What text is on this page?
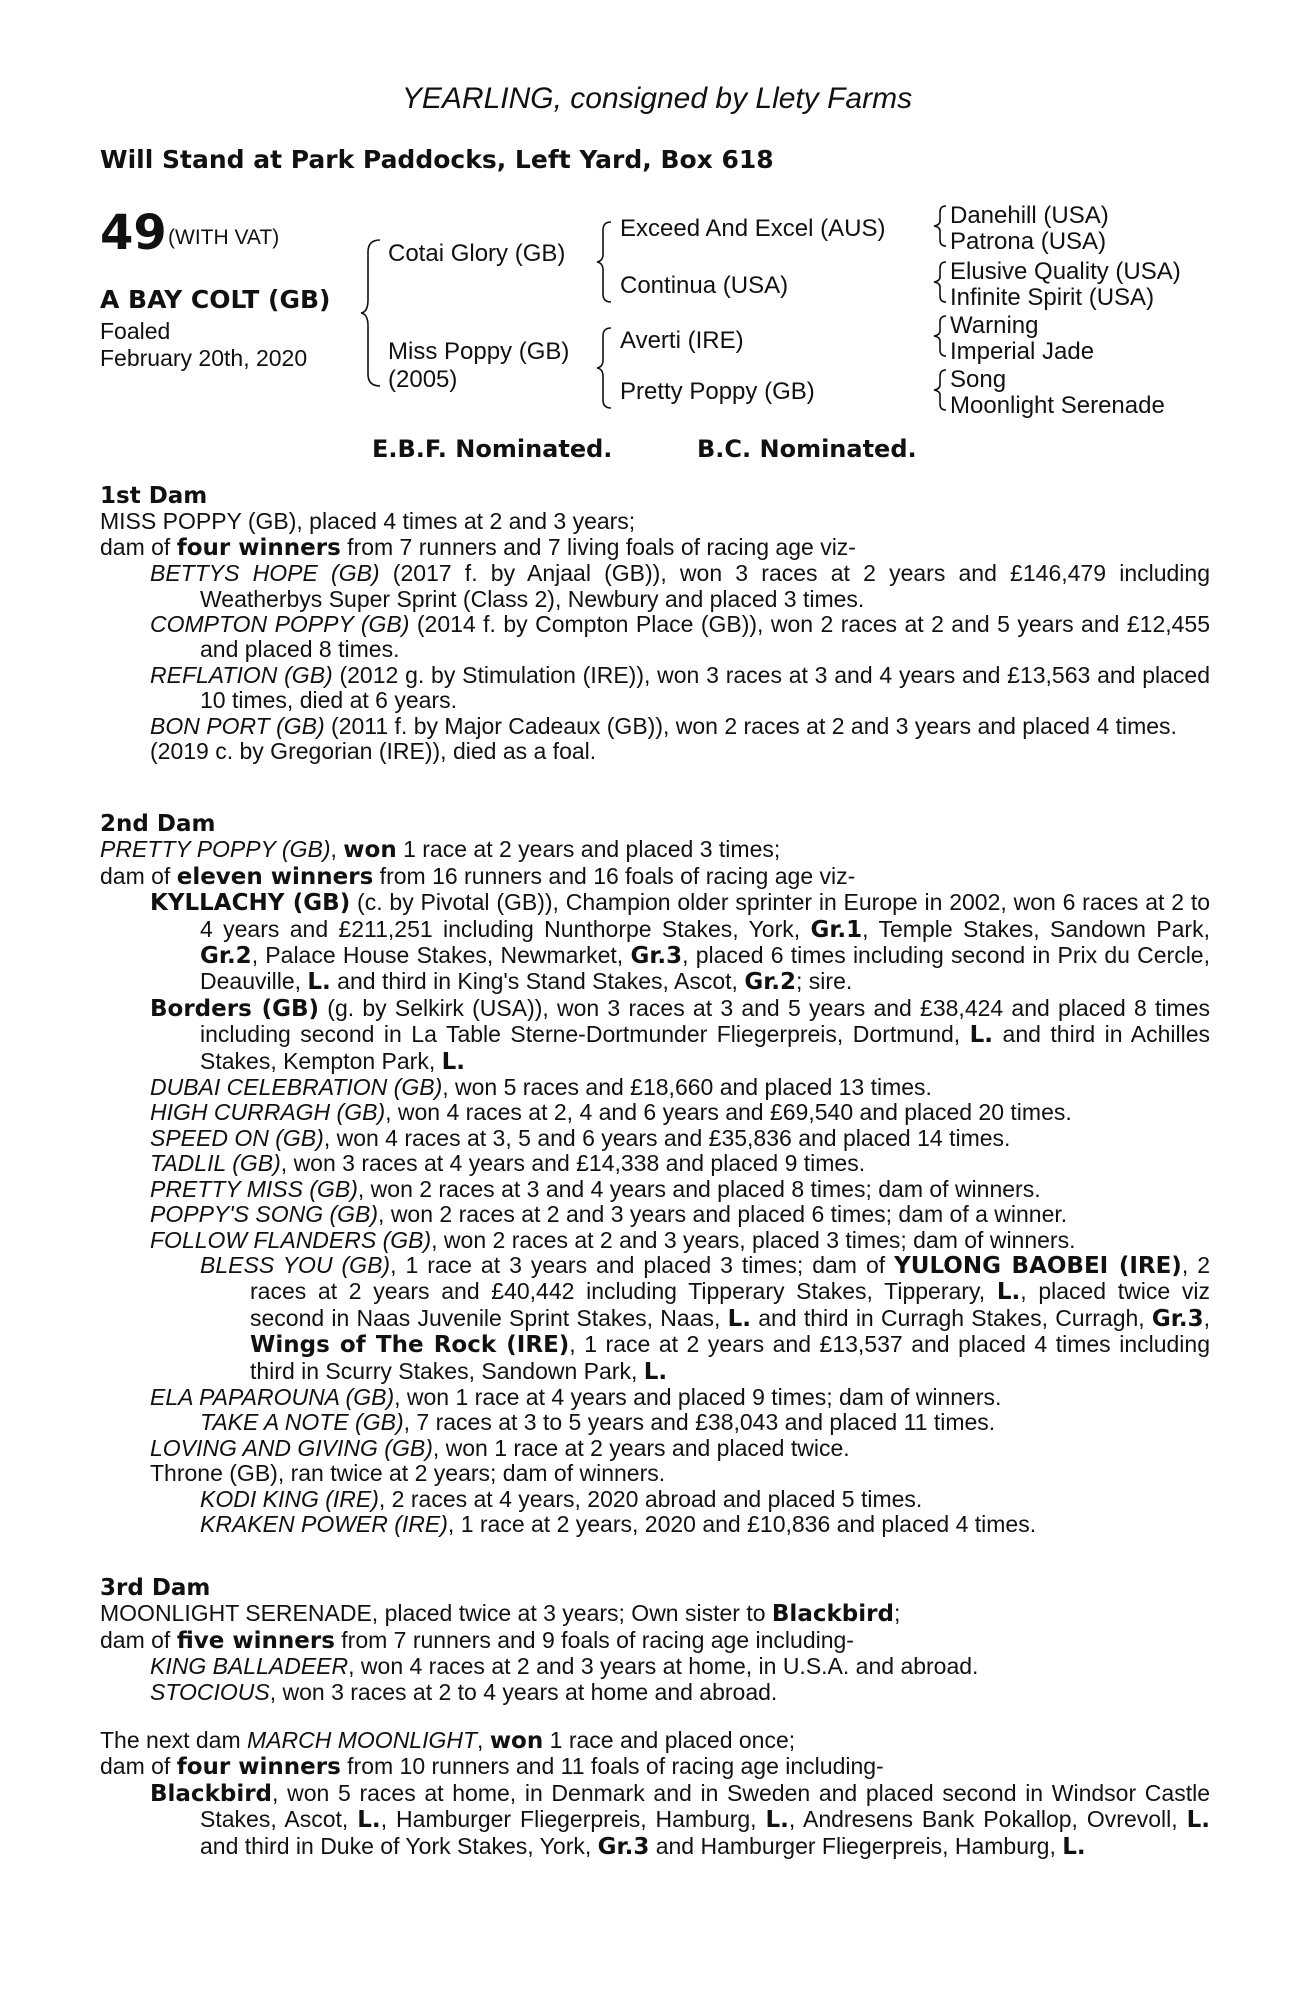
YEARLING, consigned by Llety Farms
Will Stand at Park Paddocks, Left Yard, Box 618
49 (WITH VAT)
A BAY COLT (GB)
Foaled
February 20th, 2020
Cotai Glory (GB)
Miss Poppy (GB)
(2005)
Exceed And Excel (AUS)
Continua (USA)
Averti (IRE)
Pretty Poppy (GB)
Danehill (USA)
Patrona (USA)
Elusive Quality (USA)
Infinite Spirit (USA)
Warning
Imperial Jade
Song
Moonlight Serenade
E.B.F. Nominated.	B.C. Nominated.

1st Dam

MISS POPPY (GB), placed 4 times at 2 and 3 years;

dam of four winners from 7 runners and 7 living foals of racing age viz-

BETTYS HOPE (GB) (2017 f. by Anjaal (GB)), won 3 races at 2 years and £146,479 including Weatherbys Super Sprint (Class 2), Newbury and placed 3 times.

COMPTON POPPY (GB) (2014 f. by Compton Place (GB)), won 2 races at 2 and 5 years and £12,455 and placed 8 times.

REFLATION (GB) (2012 g. by Stimulation (IRE)), won 3 races at 3 and 4 years and £13,563 and placed 10 times, died at 6 years.

BON PORT (GB) (2011 f. by Major Cadeaux (GB)), won 2 races at 2 and 3 years and placed 4 times.

(2019 c. by Gregorian (IRE)), died as a foal.

2nd Dam

PRETTY POPPY (GB), won 1 race at 2 years and placed 3 times;

dam of eleven winners from 16 runners and 16 foals of racing age viz-

KYLLACHY (GB) (c. by Pivotal (GB)), Champion older sprinter in Europe in 2002, won 6 races at 2 to 4 years and £211,251 including Nunthorpe Stakes, York, Gr.1, Temple Stakes, Sandown Park, Gr.2, Palace House Stakes, Newmarket, Gr.3, placed 6 times including second in Prix du Cercle, Deauville, L. and third in King's Stand Stakes, Ascot, Gr.2; sire.

Borders (GB) (g. by Selkirk (USA)), won 3 races at 3 and 5 years and £38,424 and placed 8 times including second in La Table Sterne-Dortmunder Fliegerpreis, Dortmund, L. and third in Achilles Stakes, Kempton Park, L.

DUBAI CELEBRATION (GB), won 5 races and £18,660 and placed 13 times.

HIGH CURRAGH (GB), won 4 races at 2, 4 and 6 years and £69,540 and placed 20 times.

SPEED ON (GB), won 4 races at 3, 5 and 6 years and £35,836 and placed 14 times.

TADLIL (GB), won 3 races at 4 years and £14,338 and placed 9 times.

PRETTY MISS (GB), won 2 races at 3 and 4 years and placed 8 times; dam of winners.

POPPY'S SONG (GB), won 2 races at 2 and 3 years and placed 6 times; dam of a winner.

FOLLOW FLANDERS (GB), won 2 races at 2 and 3 years, placed 3 times; dam of winners.

BLESS YOU (GB), 1 race at 3 years and placed 3 times; dam of YULONG BAOBEI (IRE), 2 races at 2 years and £40,442 including Tipperary Stakes, Tipperary, L., placed twice viz second in Naas Juvenile Sprint Stakes, Naas, L. and third in Curragh Stakes, Curragh, Gr.3, Wings of The Rock (IRE), 1 race at 2 years and £13,537 and placed 4 times including third in Scurry Stakes, Sandown Park, L.

ELA PAPAROUNA (GB), won 1 race at 4 years and placed 9 times; dam of winners.

TAKE A NOTE (GB), 7 races at 3 to 5 years and £38,043 and placed 11 times.

LOVING AND GIVING (GB), won 1 race at 2 years and placed twice.

Throne (GB), ran twice at 2 years; dam of winners.

KODI KING (IRE), 2 races at 4 years, 2020 abroad and placed 5 times.

KRAKEN POWER (IRE), 1 race at 2 years, 2020 and £10,836 and placed 4 times.

3rd Dam

MOONLIGHT SERENADE, placed twice at 3 years; Own sister to Blackbird;

dam of five winners from 7 runners and 9 foals of racing age including-

KING BALLADEER, won 4 races at 2 and 3 years at home, in U.S.A. and abroad.

STOCIOUS, won 3 races at 2 to 4 years at home and abroad.

The next dam MARCH MOONLIGHT, won 1 race and placed once;

dam of four winners from 10 runners and 11 foals of racing age including-

Blackbird, won 5 races at home, in Denmark and in Sweden and placed second in Windsor Castle Stakes, Ascot, L., Hamburger Fliegerpreis, Hamburg, L., Andresens Bank Pokallop, Ovrevoll, L. and third in Duke of York Stakes, York, Gr.3 and Hamburger Fliegerpreis, Hamburg, L.
